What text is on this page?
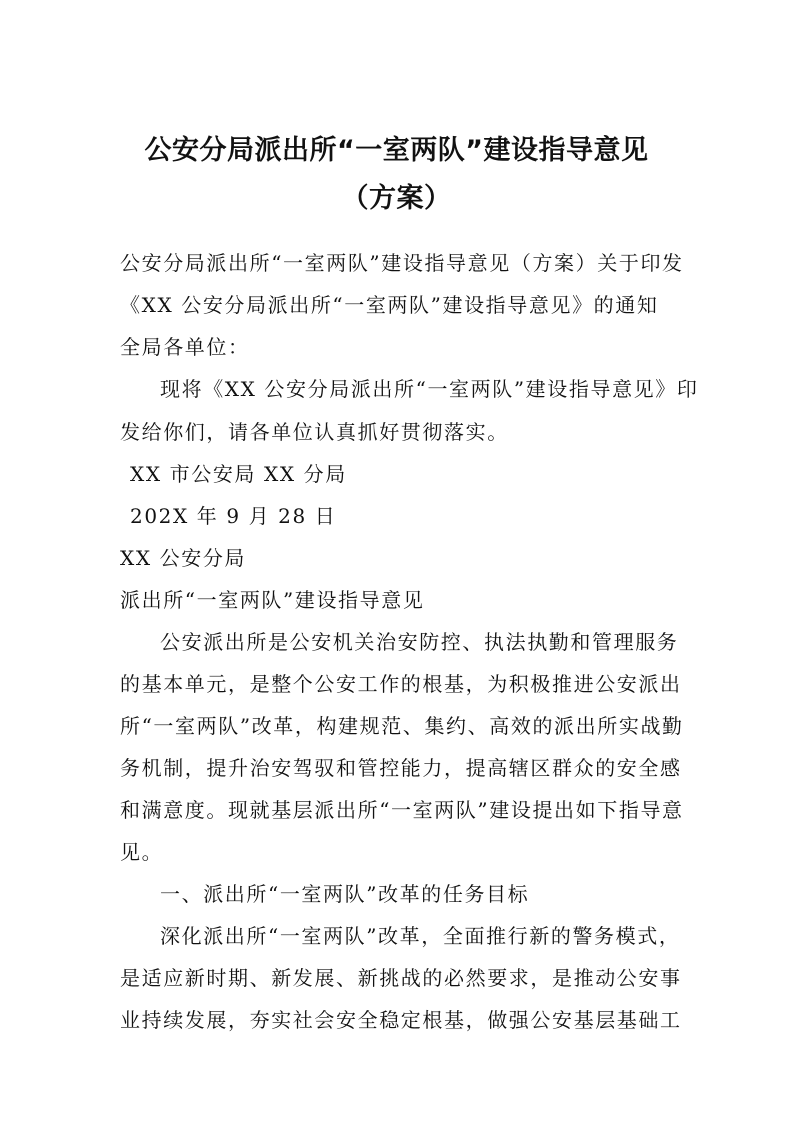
公安分局派出所“一室两队”建设指导意见
（方案）
公安分局派出所“一室两队”建设指导意见（方案）关于印发
《XX 公安分局派出所“一室两队”建设指导意见》的通知
全局各单位：
现将《XX 公安分局派出所“一室两队”建设指导意见》印
发给你们，请各单位认真抓好贯彻落实。
XX 市公安局 XX 分局
202X 年 9 月 28 日
XX 公安分局
派出所“一室两队”建设指导意见
公安派出所是公安机关治安防控、执法执勤和管理服务
的基本单元，是整个公安工作的根基，为积极推进公安派出
所“一室两队”改革，构建规范、集约、高效的派出所实战勤
务机制，提升治安驾驭和管控能力，提高辖区群众的安全感
和满意度。现就基层派出所“一室两队”建设提出如下指导意
见。
一、派出所“一室两队”改革的任务目标
深化派出所“一室两队”改革，全面推行新的警务模式，
是适应新时期、新发展、新挑战的必然要求，是推动公安事
业持续发展，夯实社会安全稳定根基，做强公安基层基础工
